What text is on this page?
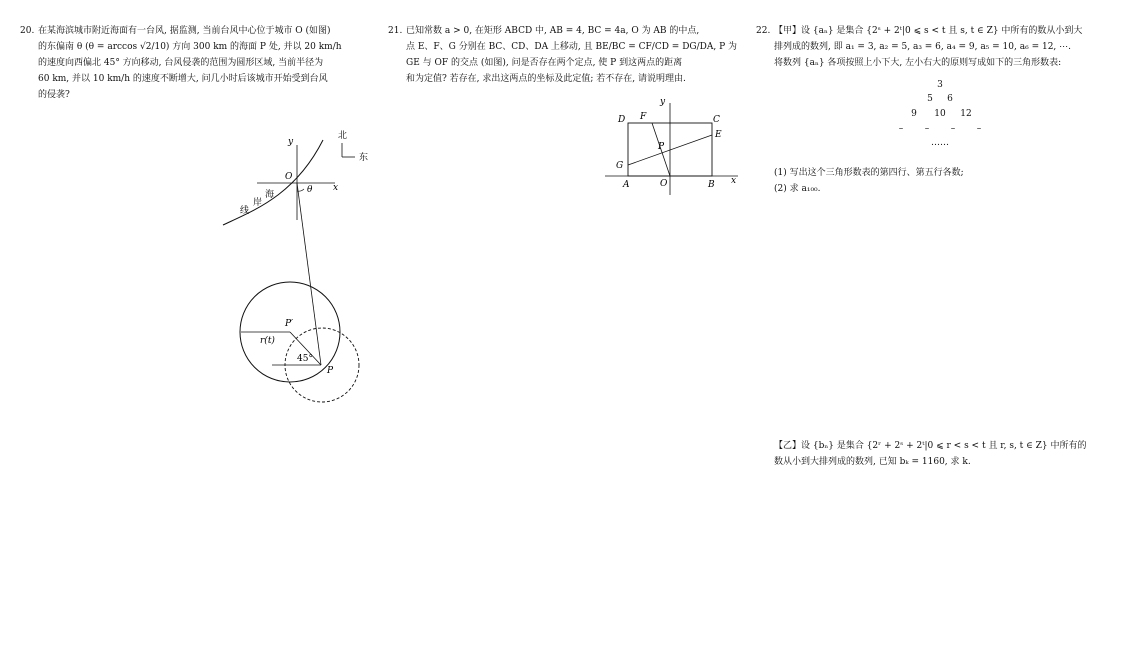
20. 在某海滨城市附近海面有一台风, 据监测, 当前台风中心位于城市 O (如图)

的东偏南 θ (θ = arccos √2/10) 方向 300 km 的海面 P 处, 并以 20 km/h

的速度向西偏北 45° 方向移动, 台风侵袭的范围为圆形区域, 当前半径为

60 km, 并以 10 km/h 的速度不断增大, 问几小时后该城市开始受到台风

的侵袭?

y
x
O
θ
北
东
海
岸
线
P′
r(t)
45°
P

21. 已知常数 a > 0, 在矩形 ABCD 中, AB = 4, BC = 4a, O 为 AB 的中点,

点 E、F、G 分别在 BC、CD、DA 上移动, 且 BE/BC = CF/CD = DG/DA, P 为

GE 与 OF 的交点 (如图), 问是否存在两个定点, 使 P 到这两点的距离

和为定值? 若存在, 求出这两点的坐标及此定值; 若不存在, 请说明理由.

y
x
D F	C
E
P
G
A	O	B

22. 【甲】设 {aₙ} 是集合 {2ˢ + 2ᵗ|0 ⩽ s < t 且 s, t ∈ Z} 中所有的数从小到大

排列成的数列, 即 a₁ = 3, a₂ = 5, a₃ = 6, a₄ = 9, a₅ = 10, a₆ = 12, ⋯.

将数列 {aₙ} 各项按照上小下大, 左小右大的原则写成如下的三角形数表:

3
5 6
9 10 12
– – – –
……

(1) 写出这个三角形数表的第四行、第五行各数;

(2) 求 a₁₀₀.

【乙】设 {bₙ} 是集合 {2ʳ + 2ˢ + 2ᵗ|0 ⩽ r < s < t 且 r, s, t ∈ Z} 中所有的

数从小到大排列成的数列, 已知 bₖ = 1160, 求 k.
